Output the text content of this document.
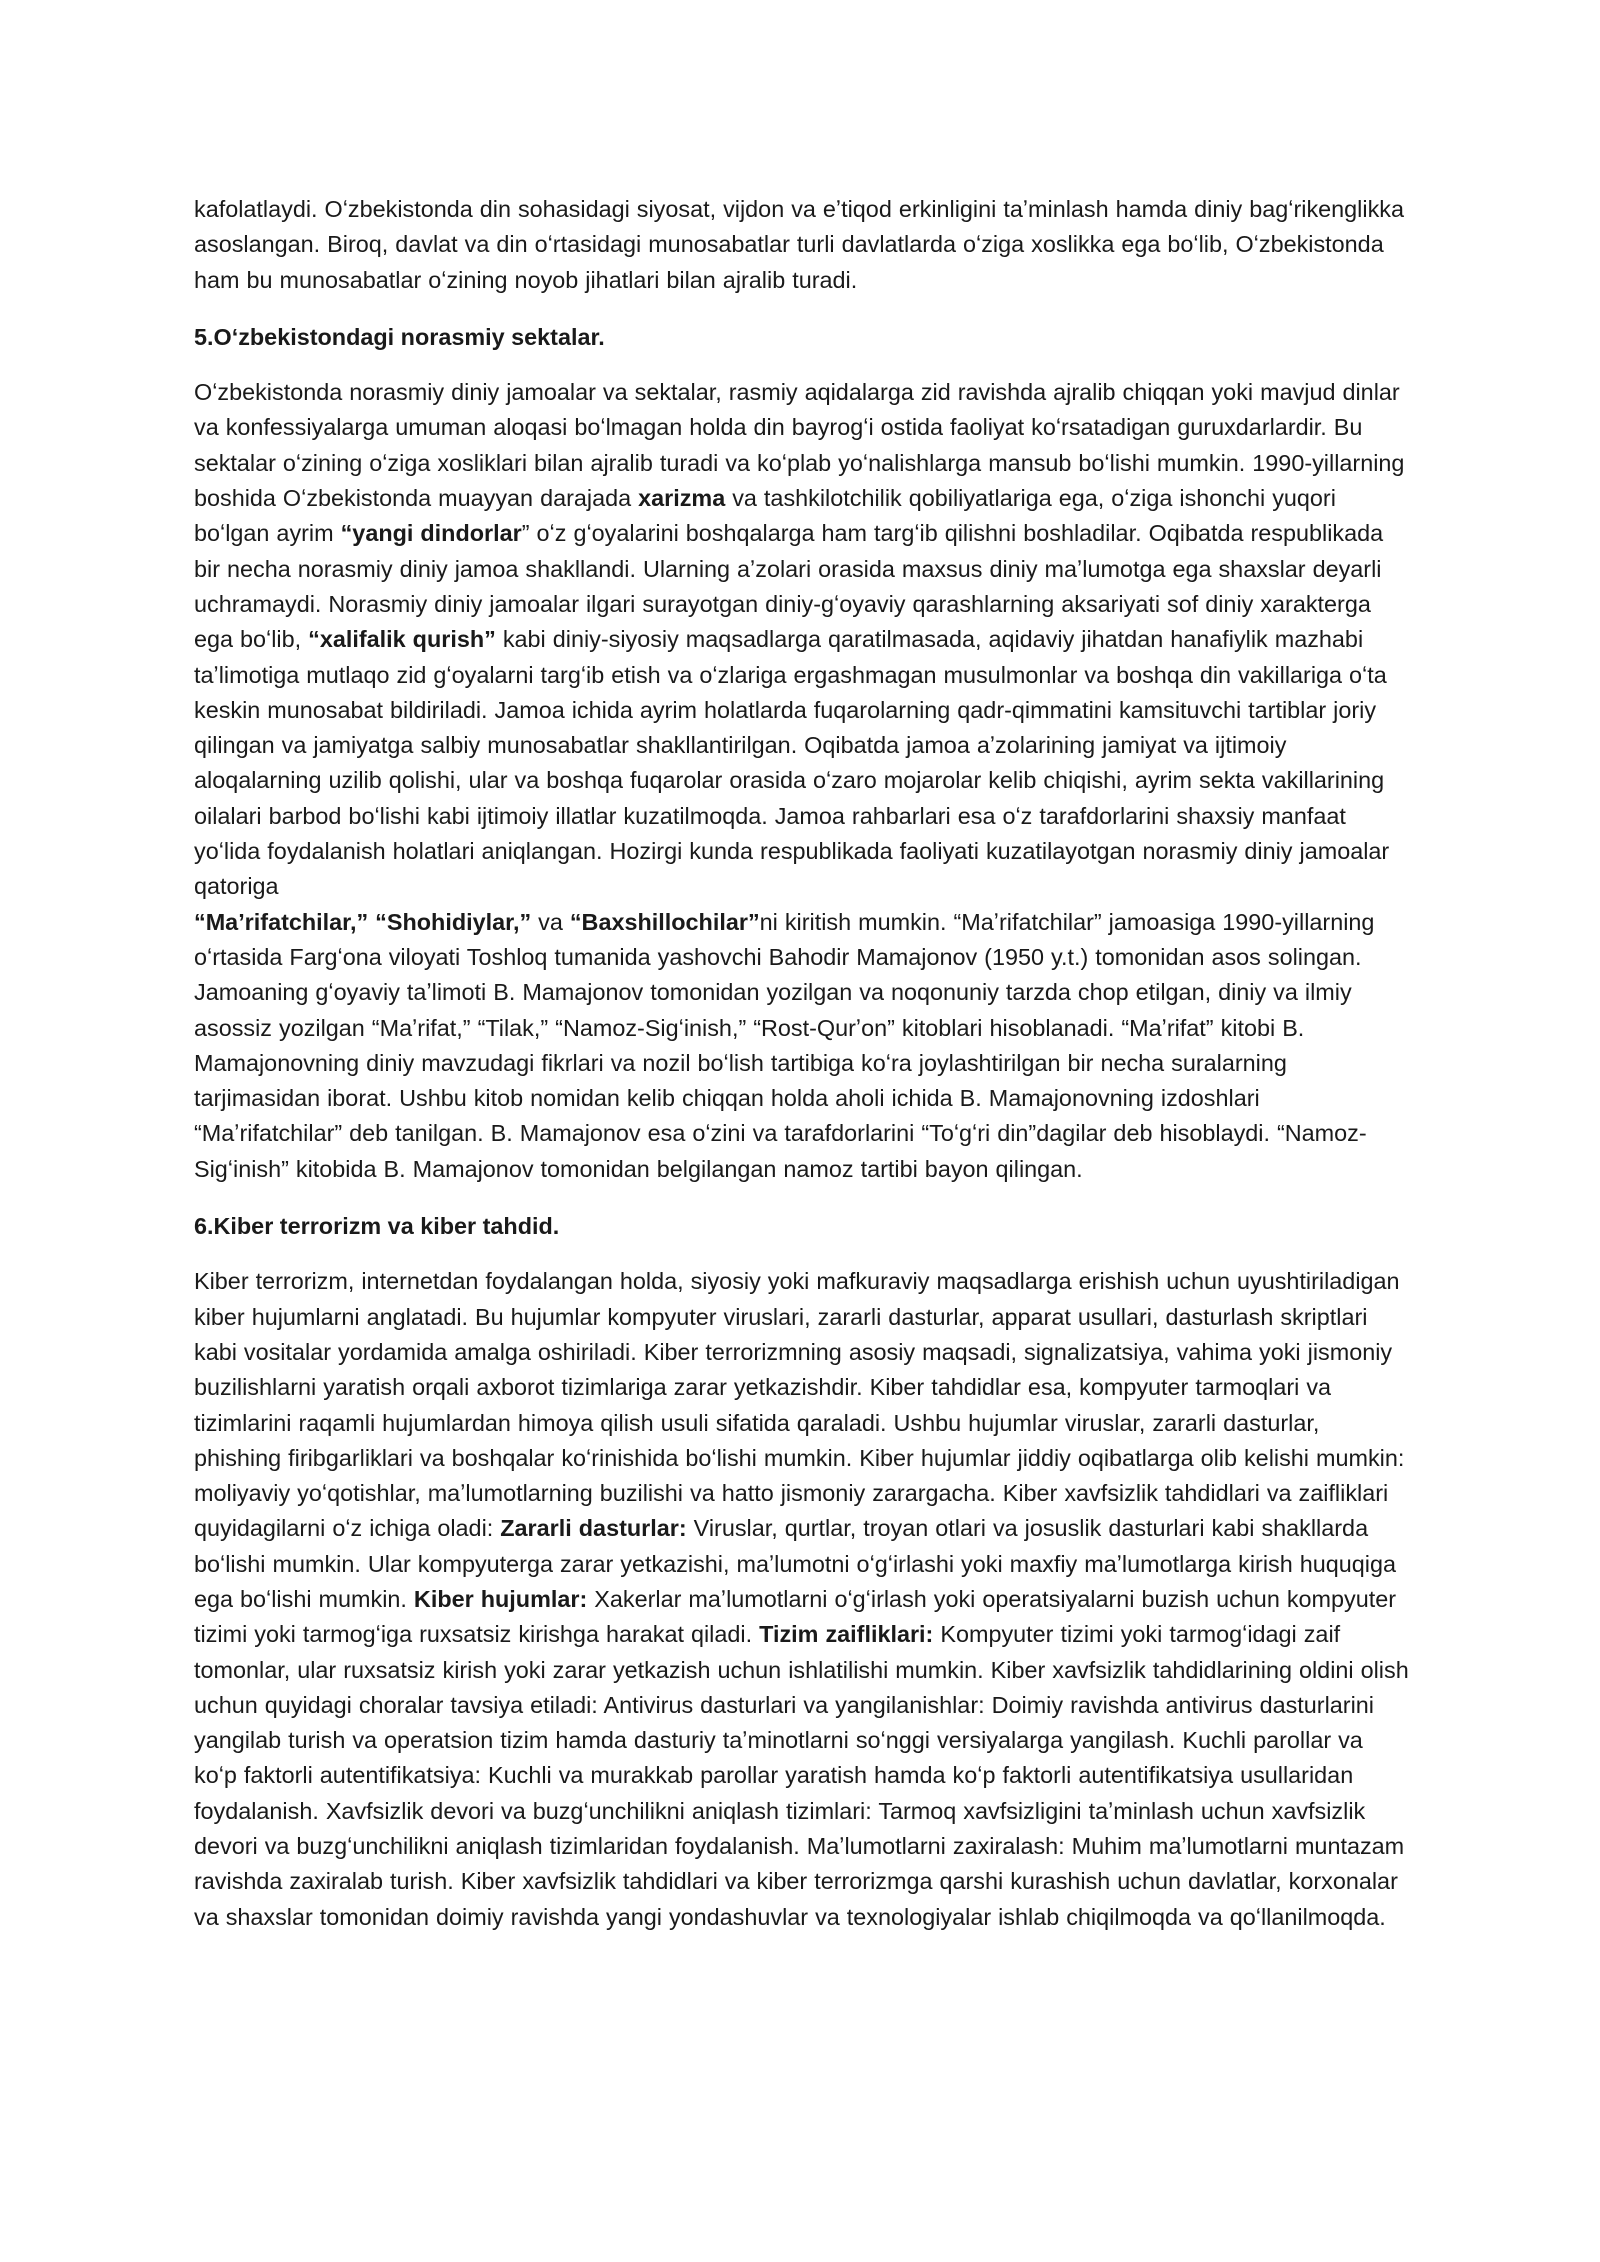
kafolatlaydi. Oʻzbekistonda din sohasidagi siyosat, vijdon va eʼtiqod erkinligini taʼminlash hamda diniy bagʻrikenglikka asoslangan. Biroq, davlat va din oʻrtasidagi munosabatlar turli davlatlarda oʻziga xoslikka ega boʻlib, Oʻzbekistonda ham bu munosabatlar oʻzining noyob jihatlari bilan ajralib turadi.

5.Oʻzbekistondagi norasmiy sektalar.

Oʻzbekistonda norasmiy diniy jamoalar va sektalar, rasmiy aqidalarga zid ravishda ajralib chiqqan yoki mavjud dinlar va konfessiyalarga umuman aloqasi boʻlmagan holda din bayrogʻi ostida faoliyat koʻrsatadigan guruxdarlardir. Bu sektalar oʻzining oʻziga xosliklari bilan ajralib turadi va koʻplab yoʻnalishlarga mansub boʻlishi mumkin. 1990-yillarning boshida Oʻzbekistonda muayyan darajada xarizma va tashkilotchilik qobiliyatlariga ega, oʻziga ishonchi yuqori boʻlgan ayrim “yangi dindorlar” oʻz gʻoyalarini boshqalarga ham targʻib qilishni boshladilar. Oqibatda respublikada bir necha norasmiy diniy jamoa shakllandi. Ularning aʼzolari orasida maxsus diniy maʼlumotga ega shaxslar deyarli uchramaydi. Norasmiy diniy jamoalar ilgari surayotgan diniy-gʻoyaviy qarashlarning aksariyati sof diniy xarakterga ega boʻlib, “xalifalik qurish” kabi diniy-siyosiy maqsadlarga qaratilmasada, aqidaviy jihatdan hanafiylik mazhabi taʼlimotiga mutlaqo zid gʻoyalarni targʻib etish va oʻzlariga ergashmagan musulmonlar va boshqa din vakillariga oʻta keskin munosabat bildiriladi. Jamoa ichida ayrim holatlarda fuqarolarning qadr-qimmatini kamsituvchi tartiblar joriy qilingan va jamiyatga salbiy munosabatlar shakllantirilgan. Oqibatda jamoa aʼzolarining jamiyat va ijtimoiy aloqalarning uzilib qolishi, ular va boshqa fuqarolar orasida oʻzaro mojarolar kelib chiqishi, ayrim sekta vakillarining oilalari barbod boʻlishi kabi ijtimoiy illatlar kuzatilmoqda. Jamoa rahbarlari esa oʻz tarafdorlarini shaxsiy manfaat yoʻlida foydalanish holatlari aniqlangan. Hozirgi kunda respublikada faoliyati kuzatilayotgan norasmiy diniy jamoalar qatoriga
“Maʼrifatchilar,” “Shohidiylar,” va “Baxshillochilar”ni kiritish mumkin. “Maʼrifatchilar” jamoasiga 1990-yillarning oʻrtasida Fargʻona viloyati Toshloq tumanida yashovchi Bahodir Mamajonov (1950 y.t.) tomonidan asos solingan. Jamoaning gʻoyaviy taʼlimoti B. Mamajonov tomonidan yozilgan va noqonuniy tarzda chop etilgan, diniy va ilmiy asossiz yozilgan “Maʼrifat,” “Tilak,” “Namoz-Sigʻinish,” “Rost-Qurʼon” kitoblari hisoblanadi. “Maʼrifat” kitobi B. Mamajonovning diniy mavzudagi fikrlari va nozil boʻlish tartibiga koʻra joylashtirilgan bir necha suralarning tarjimasidan iborat. Ushbu kitob nomidan kelib chiqqan holda aholi ichida B. Mamajonovning izdoshlari “Maʼrifatchilar” deb tanilgan. B. Mamajonov esa oʻzini va tarafdorlarini “Toʻgʻri din”dagilar deb hisoblaydi. “Namoz-Sigʻinish” kitobida B. Mamajonov tomonidan belgilangan namoz tartibi bayon qilingan.

6.Kiber terrorizm va kiber tahdid.

Kiber terrorizm, internetdan foydalangan holda, siyosiy yoki mafkuraviy maqsadlarga erishish uchun uyushtiriladigan kiber hujumlarni anglatadi. Bu hujumlar kompyuter viruslari, zararli dasturlar, apparat usullari, dasturlash skriptlari kabi vositalar yordamida amalga oshiriladi. Kiber terrorizmning asosiy maqsadi, signalizatsiya, vahima yoki jismoniy buzilishlarni yaratish orqali axborot tizimlariga zarar yetkazishdir. Kiber tahdidlar esa, kompyuter tarmoqlari va tizimlarini raqamli hujumlardan himoya qilish usuli sifatida qaraladi. Ushbu hujumlar viruslar, zararli dasturlar, phishing firibgarliklari va boshqalar koʻrinishida boʻlishi mumkin. Kiber hujumlar jiddiy oqibatlarga olib kelishi mumkin: moliyaviy yoʻqotishlar, maʼlumotlarning buzilishi va hatto jismoniy zarargacha. Kiber xavfsizlik tahdidlari va zaifliklari quyidagilarni oʻz ichiga oladi: Zararli dasturlar: Viruslar, qurtlar, troyan otlari va josuslik dasturlari kabi shakllarda boʻlishi mumkin. Ular kompyuterga zarar yetkazishi, maʼlumotni oʻgʻirlashi yoki maxfiy maʼlumotlarga kirish huquqiga ega boʻlishi mumkin. Kiber hujumlar: Xakerlar maʼlumotlarni oʻgʻirlash yoki operatsiyalarni buzish uchun kompyuter tizimi yoki tarmogʻiga ruxsatsiz kirishga harakat qiladi. Tizim zaifliklari: Kompyuter tizimi yoki tarmogʻidagi zaif tomonlar, ular ruxsatsiz kirish yoki zarar yetkazish uchun ishlatilishi mumkin. Kiber xavfsizlik tahdidlarining oldini olish uchun quyidagi choralar tavsiya etiladi: Antivirus dasturlari va yangilanishlar: Doimiy ravishda antivirus dasturlarini yangilab turish va operatsion tizim hamda dasturiy taʼminotlarni soʻnggi versiyalarga yangilash. Kuchli parollar va koʻp faktorli autentifikatsiya: Kuchli va murakkab parollar yaratish hamda koʻp faktorli autentifikatsiya usullaridan foydalanish. Xavfsizlik devori va buzgʻunchilikni aniqlash tizimlari: Tarmoq xavfsizligini taʼminlash uchun xavfsizlik devori va buzgʻunchilikni aniqlash tizimlaridan foydalanish. Maʼlumotlarni zaxiralash: Muhim maʼlumotlarni muntazam ravishda zaxiralab turish. Kiber xavfsizlik tahdidlari va kiber terrorizmga qarshi kurashish uchun davlatlar, korxonalar va shaxslar tomonidan doimiy ravishda yangi yondashuvlar va texnologiyalar ishlab chiqilmoqda va qoʻllanilmoqda.
